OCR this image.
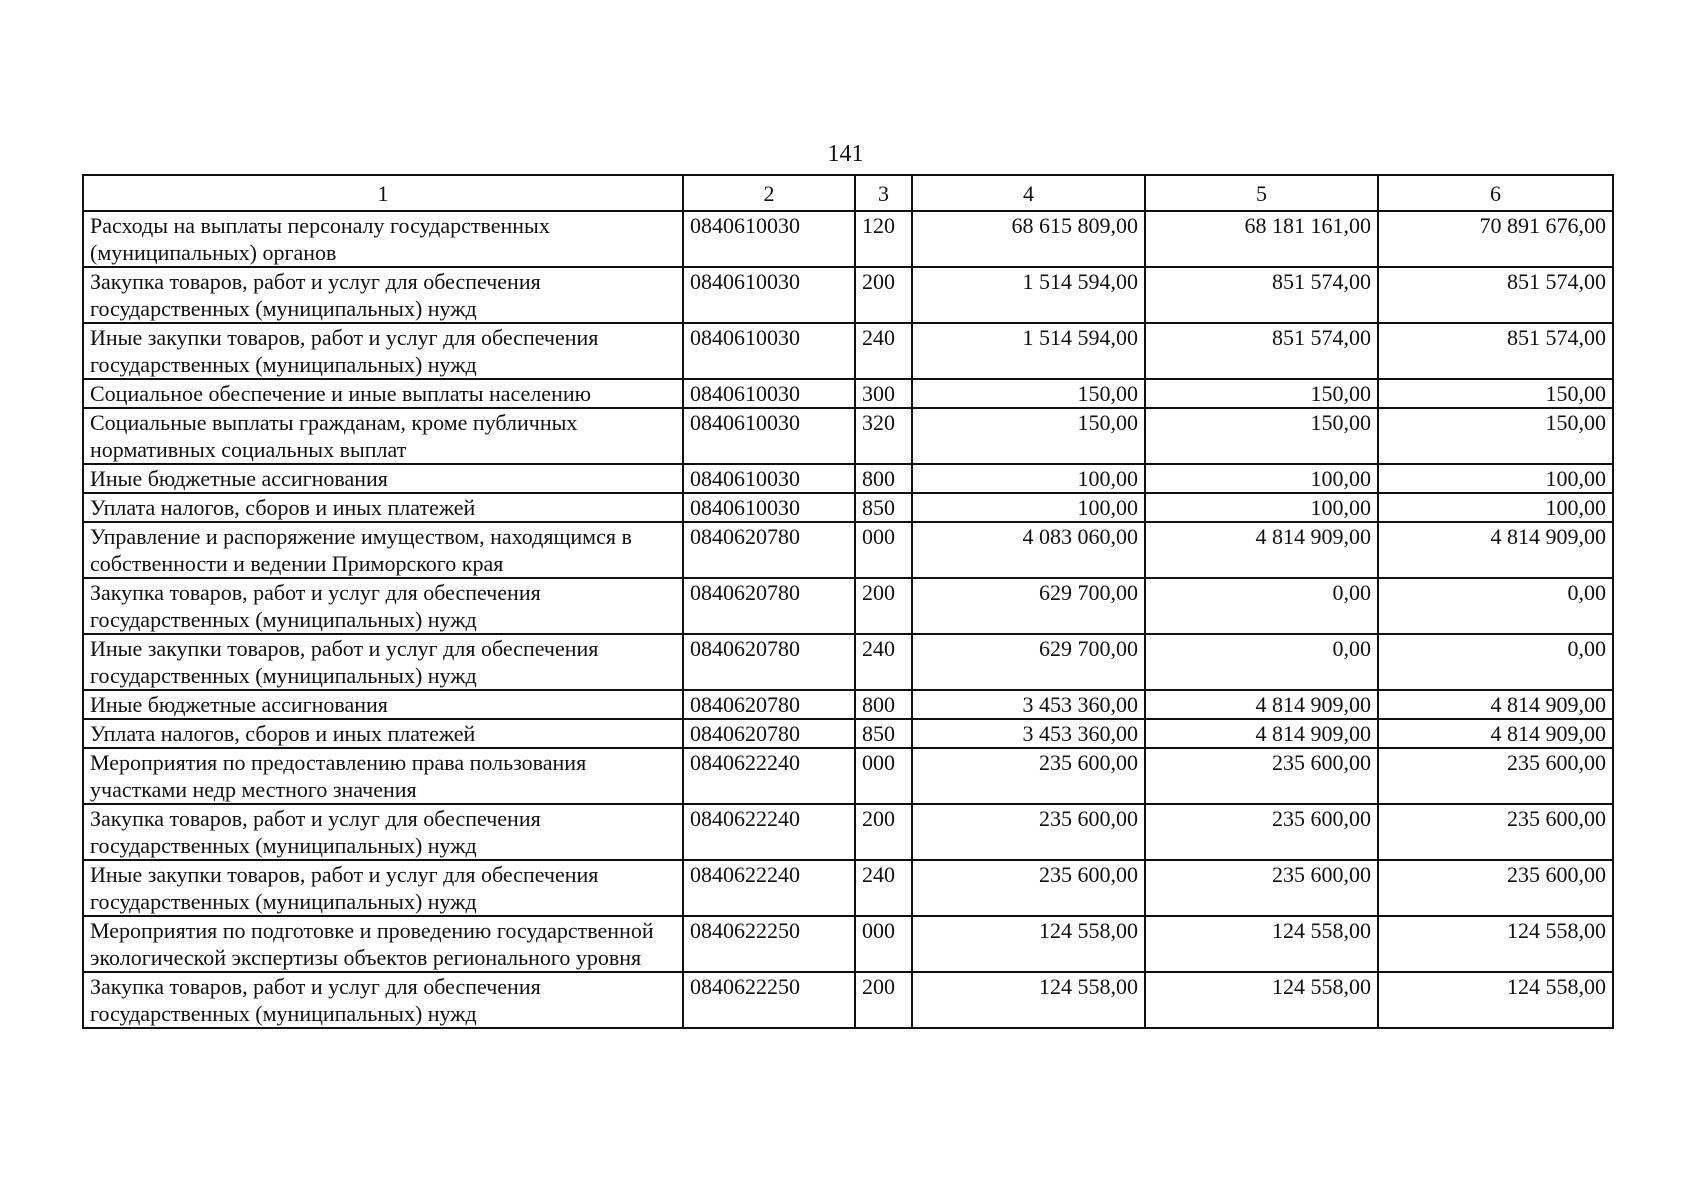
141
1	2	3	4	5	6
Расходы на выплаты персоналу государственных (муниципальных) органов	0840610030	120	68 615 809,00	68 181 161,00	70 891 676,00
Закупка товаров, работ и услуг для обеспечения государственных (муниципальных) нужд	0840610030	200	1 514 594,00	851 574,00	851 574,00
Иные закупки товаров, работ и услуг для обеспечения государственных (муниципальных) нужд	0840610030	240	1 514 594,00	851 574,00	851 574,00
Социальное обеспечение и иные выплаты населению	0840610030	300	150,00	150,00	150,00
Социальные выплаты гражданам, кроме публичных нормативных социальных выплат	0840610030	320	150,00	150,00	150,00
Иные бюджетные ассигнования	0840610030	800	100,00	100,00	100,00
Уплата налогов, сборов и иных платежей	0840610030	850	100,00	100,00	100,00
Управление и распоряжение имуществом, находящимся в собственности и ведении Приморского края	0840620780	000	4 083 060,00	4 814 909,00	4 814 909,00
Закупка товаров, работ и услуг для обеспечения государственных (муниципальных) нужд	0840620780	200	629 700,00	0,00	0,00
Иные закупки товаров, работ и услуг для обеспечения государственных (муниципальных) нужд	0840620780	240	629 700,00	0,00	0,00
Иные бюджетные ассигнования	0840620780	800	3 453 360,00	4 814 909,00	4 814 909,00
Уплата налогов, сборов и иных платежей	0840620780	850	3 453 360,00	4 814 909,00	4 814 909,00
Мероприятия по предоставлению права пользования участками недр местного значения	0840622240	000	235 600,00	235 600,00	235 600,00
Закупка товаров, работ и услуг для обеспечения государственных (муниципальных) нужд	0840622240	200	235 600,00	235 600,00	235 600,00
Иные закупки товаров, работ и услуг для обеспечения государственных (муниципальных) нужд	0840622240	240	235 600,00	235 600,00	235 600,00
Мероприятия по подготовке и проведению государственной экологической экспертизы объектов регионального уровня	0840622250	000	124 558,00	124 558,00	124 558,00
Закупка товаров, работ и услуг для обеспечения государственных (муниципальных) нужд	0840622250	200	124 558,00	124 558,00	124 558,00
